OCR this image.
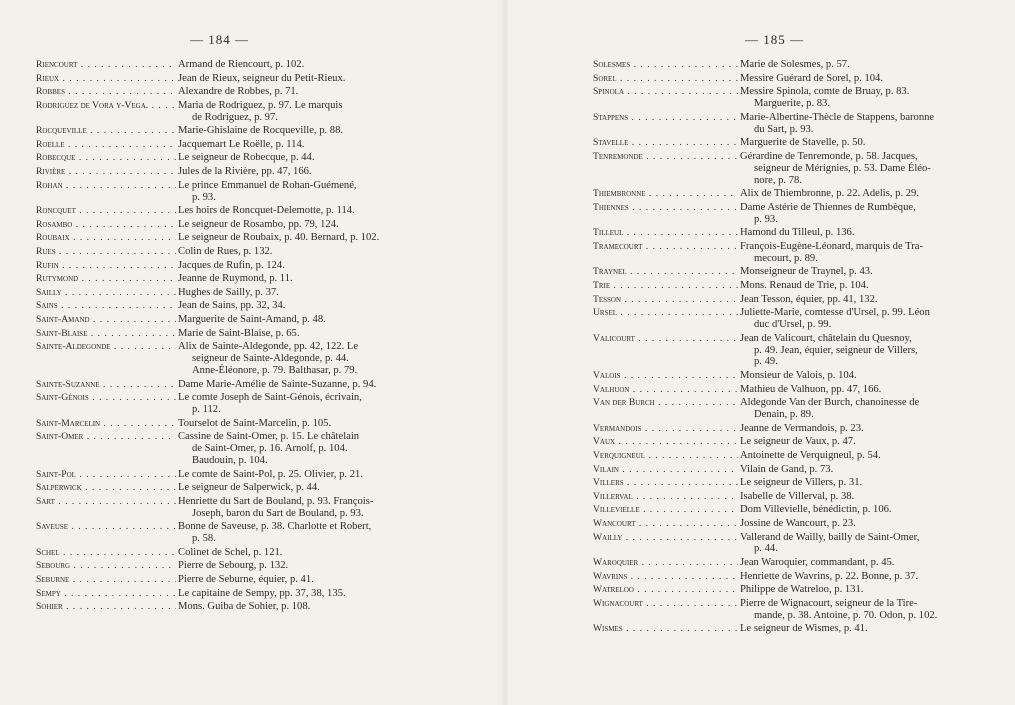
— 184 —
Riencourt . . .	Armand de Riencourt, p. 102.
Rieux . . .	Jean de Rieux, seigneur du Petit-Rieux.
Robbes . . .	Alexandre de Robbes, p. 71.
Rodriguez de Vora y-Vega. . . .	Maria de Rodriguez, p. 97. Le marquis
de Rodriguez, p. 97.
Rocqueville . . .	Marie-Ghislaine de Rocqueville, p. 88.
Roelle . . .	Jacquemart Le Roëlle, p. 114.
Robecque . . .	Le seigneur de Robecque, p. 44.
Rivière . . .	Jules de la Rivière, pp. 47, 166.
Rohan . . .	Le prince Emmanuel de Rohan-Guémené,
p. 93.
Roncquet . . .	Les hoirs de Roncquet-Delemotte, p. 114.
Rosambo . . .	Le seigneur de Rosambo, pp. 79, 124.
Roubaix . . .	Le seigneur de Roubaix, p. 40. Bernard, p. 102.
Rues . . .	Colin de Rues, p. 132.
Rufin . . .	Jacques de Rufin, p. 124.
Rutymond . . .	Jeanne de Ruymond, p. 11.
Sailly . . .	Hughes de Sailly, p. 37.
Sains . . .	Jean de Sains, pp. 32, 34.
Saint-Amand . . .	Marguerite de Saint-Amand, p. 48.
Saint-Blaise . . .	Marie de Saint-Blaise, p. 65.
Sainte-Aldegonde . . .	Alix de Sainte-Aldegonde, pp. 42, 122. Le
seigneur de Sainte-Aldegonde, p. 44.
Anne-Éléonore, p. 79. Balthasar, p. 79.
Sainte-Suzanne . . .	Dame Marie-Amélie de Sainte-Suzanne, p. 94.
Saint-Génois . . .	Le comte Joseph de Saint-Génois, écrivain,
p. 112.
Saint-Marcelin . . .	Tourselot de Saint-Marcelin, p. 105.
Saint-Omer . . .	Cassine de Saint-Omer, p. 15. Le châtelain
de Saint-Omer, p. 16. Arnolf, p. 104.
Baudouin, p. 104.
Saint-Pol . . .	Le comte de Saint-Pol, p. 25. Olivier, p. 21.
Salperwick . . .	Le seigneur de Salperwick, p. 44.
Sart . . .	Henriette du Sart de Bouland, p. 93. François-
Joseph, baron du Sart de Bouland, p. 93.
Saveuse . . .	Bonne de Saveuse, p. 38. Charlotte et Robert,
p. 58.
Schel . . .	Colinet de Schel, p. 121.
Sebourg . . .	Pierre de Sebourg, p. 132.
Seburne . . .	Pierre de Seburne, équier, p. 41.
Sempy . . .	Le capitaine de Sempy, pp. 37, 38, 135.
Sohier . . .	Mons. Guiba de Sohier, p. 108.
— 185 —
Solesmes . . .	Marie de Solesmes, p. 57.
Sorel . . .	Messire Guérard de Sorel, p. 104.
Spinola . . .	Messire Spinola, comte de Bruay, p. 83.
Marguerite, p. 83.
Stappens . . .	Marie-Albertine-Thècle de Stappens, baronne
du Sart, p. 93.
Stavelle . . .	Marguerite de Stavelle, p. 50.
Tenremonde . . .	Gérardine de Tenremonde, p. 58. Jacques,
seigneur de Mérignies, p. 53. Dame Éléo-
nore, p. 78.
Thiembronne . . .	Alix de Thiembronne, p. 22. Adelis, p. 29.
Thiennes . . .	Dame Astérie de Thiennes de Rumbèque,
p. 93.
Tilleul . . .	Hamond du Tilleul, p. 136.
Tramecourt . . .	François-Eugène-Léonard, marquis de Tra-
mecourt, p. 89.
Traynel . . .	Monseigneur de Traynel, p. 43.
Trie . . .	Mons. Renaud de Trie, p. 104.
Tesson . . .	Jean Tesson, équier, pp. 41, 132.
Ursel . . .	Juliette-Marie, comtesse d'Ursel, p. 99. Léon
duc d'Ursel, p. 99.
Valicourt . . .	Jean de Valicourt, châtelain du Quesnoy,
p. 49. Jean, équier, seigneur de Villers,
p. 49.
Valois . . .	Monsieur de Valois, p. 104.
Valhuon . . .	Mathieu de Valhuon, pp. 47, 166.
Van der Burch . . .	Aldegonde Van der Burch, chanoinesse de
Denain, p. 89.
Vermandois . . .	Jeanne de Vermandois, p. 23.
Vaux . . .	Le seigneur de Vaux, p. 47.
Verquigneul . . .	Antoinette de Verquigneul, p. 54.
Vilain . . .	Vilain de Gand, p. 73.
Villers . . .	Le seigneur de Villers, p. 31.
Villerval . . .	Isabelle de Villerval, p. 38.
Villevielle . . .	Dom Villevielle, bénédictin, p. 106.
Wancourt . . .	Jossine de Wancourt, p. 23.
Wailly . . .	Vallerand de Wailly, bailly de Saint-Omer,
p. 44.
Waroquier . . .	Jean Waroquier, commandant, p. 45.
Wavrins . . .	Henriette de Wavrins, p. 22. Bonne, p. 37.
Watreloo . . .	Philippe de Watreloo, p. 131.
Wignacourt . . .	Pierre de Wignacourt, seigneur de la Tire-
mande, p. 38. Antoine, p. 70. Odon, p. 102.
Wismes . . .	Le seigneur de Wismes, p. 41.
